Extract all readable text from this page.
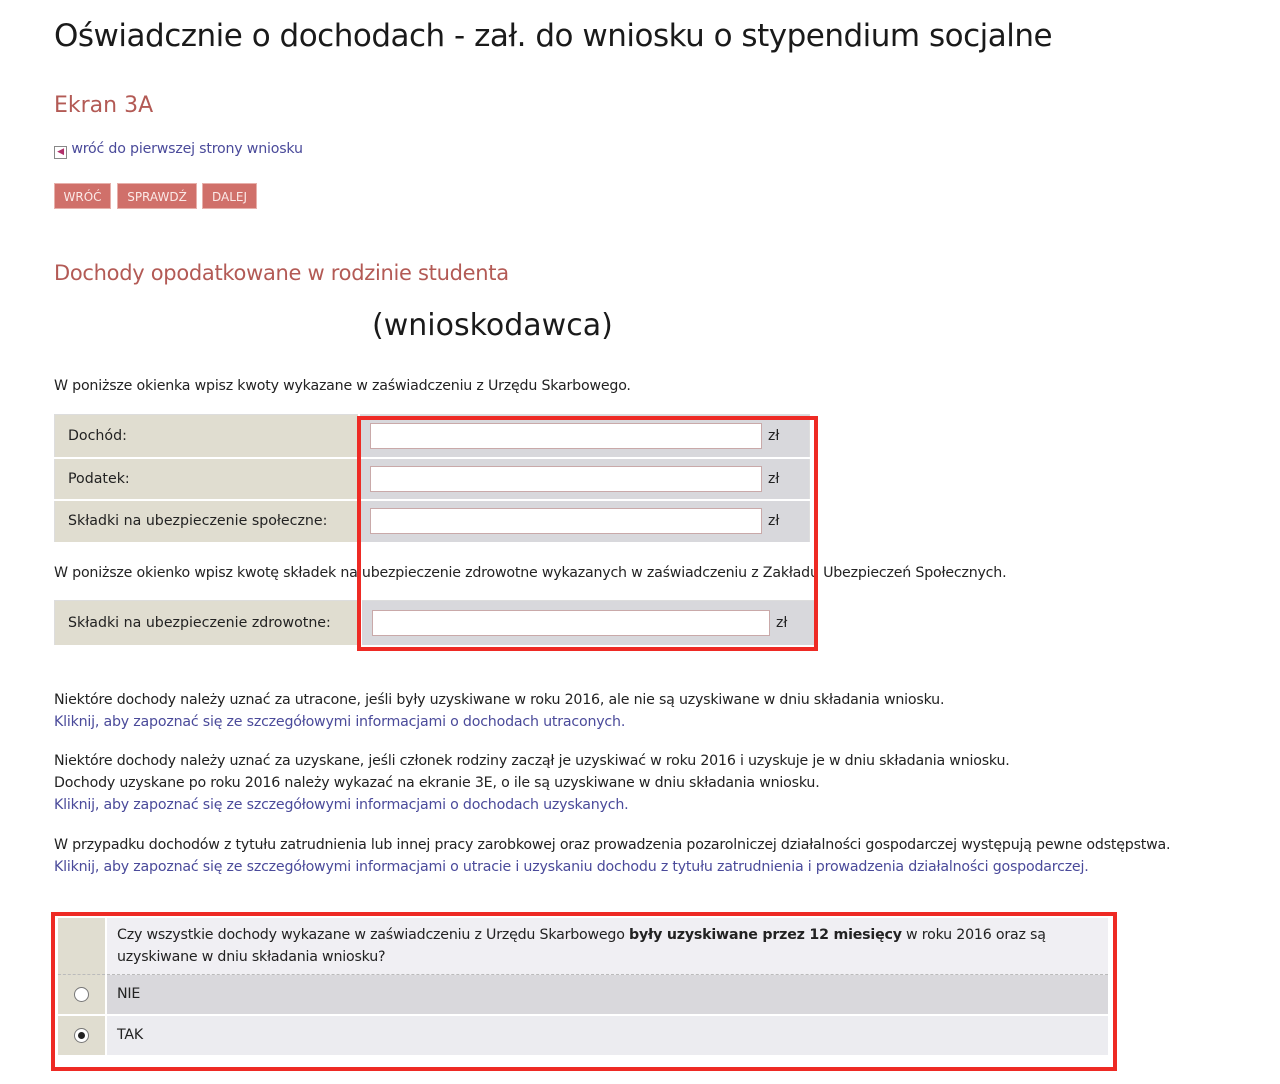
Oświadcznie o dochodach - zał. do wniosku o stypendium socjalne
Ekran 3A
◀ wróć do pierwszej strony wniosku
WRÓĆ	SPRAWDŹ	DALEJ
Dochody opodatkowane w rodzinie studenta
(wnioskodawca)
W poniższe okienka wpisz kwoty wykazane w zaświadczeniu z Urzędu Skarbowego.
Dochód:	zł
Podatek:	zł
Składki na ubezpieczenie społeczne:	zł
W poniższe okienko wpisz kwotę składek na ubezpieczenie zdrowotne wykazanych w zaświadczeniu z Zakładu Ubezpieczeń Społecznych.
Składki na ubezpieczenie zdrowotne:	zł
Niektóre dochody należy uznać za utracone, jeśli były uzyskiwane w roku 2016, ale nie są uzyskiwane w dniu składania wniosku.
Kliknij, aby zapoznać się ze szczegółowymi informacjami o dochodach utraconych.
Niektóre dochody należy uznać za uzyskane, jeśli członek rodziny zaczął je uzyskiwać w roku 2016 i uzyskuje je w dniu składania wniosku.
Dochody uzyskane po roku 2016 należy wykazać na ekranie 3E, o ile są uzyskiwane w dniu składania wniosku.
Kliknij, aby zapoznać się ze szczegółowymi informacjami o dochodach uzyskanych.
W przypadku dochodów z tytułu zatrudnienia lub innej pracy zarobkowej oraz prowadzenia pozarolniczej działalności gospodarczej występują pewne odstępstwa.
Kliknij, aby zapoznać się ze szczegółowymi informacjami o utracie i uzyskaniu dochodu z tytułu zatrudnienia i prowadzenia działalności gospodarczej.
	Czy wszystkie dochody wykazane w zaświadczeniu z Urzędu Skarbowego były uzyskiwane przez 12 miesięcy w roku 2016 oraz są uzyskiwane w dniu składania wniosku?

	NIE

	TAK
